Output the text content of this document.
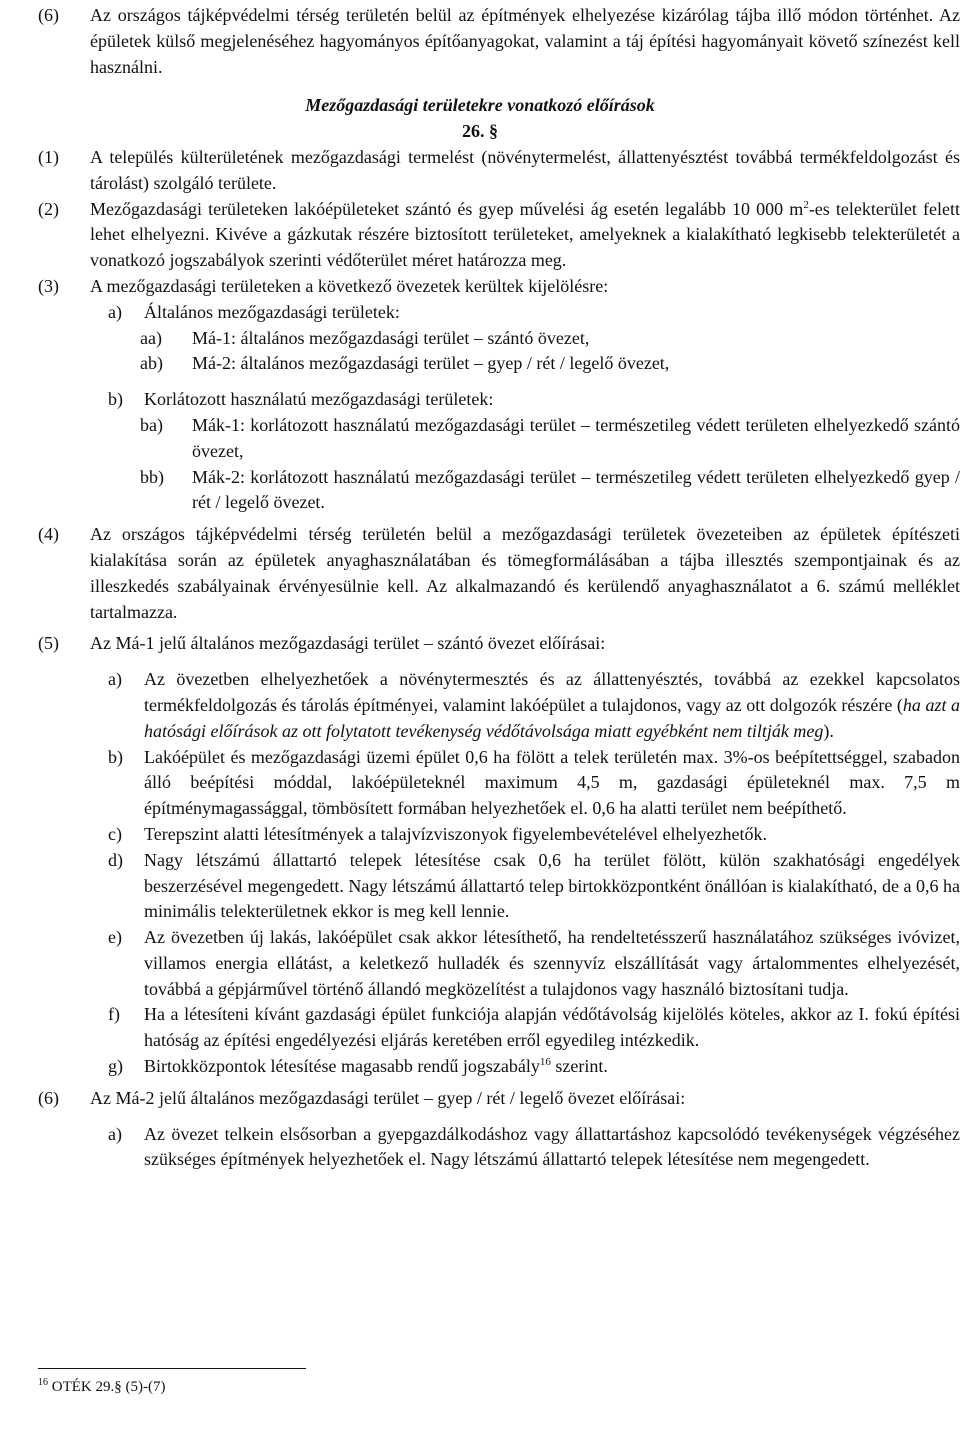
(6)	Az országos tájképvédelmi térség területén belül az építmények elhelyezése kizárólag tájba illő módon történhet. Az épületek külső megjelenéséhez hagyományos építőanyagokat, valamint a táj építési hagyományait követő színezést kell használni.
Mezőgazdasági területekre vonatkozó előírások
26. §
(1)	A település külterületének mezőgazdasági termelést (növénytermelést, állattenyésztést továbbá termékfeldolgozást és tárolást) szolgáló területe.
(2)	Mezőgazdasági területeken lakóépületeket szántó és gyep művelési ág esetén legalább 10 000 $m^2-es$ telekterület felett lehet elhelyezni. Kivéve a gázkutak részére biztosított területeket, amelyeknek a kialakítható legkisebb telekterületét a vonatkozó jogszabályok szerinti védőterület méret határozza meg.
(3)	A mezőgazdasági területeken a következő övezetek kerültek kijelölésre:
a)	Általános mezőgazdasági területek:
aa)	Má-1: általános mezőgazdasági terület – szántó övezet,
ab)	Má-2: általános mezőgazdasági terület – gyep / rét / legelő övezet,
b)	Korlátozott használatú mezőgazdasági területek:
ba)	Mák-1: korlátozott használatú mezőgazdasági terület – természetileg védett területen elhelyezkedő szántó övezet,
bb)	Mák-2: korlátozott használatú mezőgazdasági terület – természetileg védett területen elhelyezkedő gyep / rét / legelő övezet.
(4)	Az országos tájképvédelmi térség területén belül a mezőgazdasági területek övezeteiben az épületek építészeti kialakítása során az épületek anyaghasználatában és tömegformálásában a tájba illesztés szempontjainak és az illeszkedés szabályainak érvényesülnie kell. Az alkalmazandó és kerülendő anyaghasználatot a 6. számú melléklet tartalmazza.
(5)	Az Má-1 jelű általános mezőgazdasági terület – szántó övezet előírásai:
a)	Az övezetben elhelyezhetőek a növénytermesztés és az állattenyésztés, továbbá az ezekkel kapcsolatos termékfeldolgozás és tárolás építményei, valamint lakóépület a tulajdonos, vagy az ott dolgozók részére (ha azt a hatósági előírások az ott folytatott tevékenység védőtávolsága miatt egyébként nem tiltják meg).
b)	Lakóépület és mezőgazdasági üzemi épület 0,6 ha fölött a telek területén max. 3%-os beépítettséggel, szabadon álló beépítési móddal, lakóépületeknél maximum 4,5 m, gazdasági épületeknél max. 7,5 m építménymagassággal, tömbösített formában helyezhetőek el. 0,6 ha alatti terület nem beépíthető.
c)	Terepszint alatti létesítmények a talajvízviszonyok figyelembevételével elhelyezhetők.
d)	Nagy létszámú állattartó telepek létesítése csak 0,6 ha terület fölött, külön szakhatósági engedélyek beszerzésével megengedett. Nagy létszámú állattartó telep birtokközpontként önállóan is kialakítható, de a 0,6 ha minimális telekterületnek ekkor is meg kell lennie.
e)	Az övezetben új lakás, lakóépület csak akkor létesíthető, ha rendeltetésszerű használatához szükséges ivóvizet, villamos energia ellátást, a keletkező hulladék és szennyvíz elszállítását vagy ártalommentes elhelyezését, továbbá a gépjárművel történő állandó megközelítést a tulajdonos vagy használó biztosítani tudja.
f)	Ha a létesíteni kívánt gazdasági épület funkciója alapján védőtávolság kijelölés köteles, akkor az I. fokú építési hatóság az építési engedélyezési eljárás keretében erről egyedileg intézkedik.
g)	Birtokközpontok létesítése magasabb rendű jogszabály$^{16}$ szerint.
(6)	Az Má-2 jelű általános mezőgazdasági terület – gyep / rét / legelő övezet előírásai:
a)	Az övezet telkein elsősorban a gyepgazdálkodáshoz vagy állattartáshoz kapcsolódó tevékenységek végzéséhez szükséges építmények helyezhetőek el. Nagy létszámú állattartó telepek létesítése nem megengedett.
$^{16}$ OTÉK 29.§ (5)-(7)
